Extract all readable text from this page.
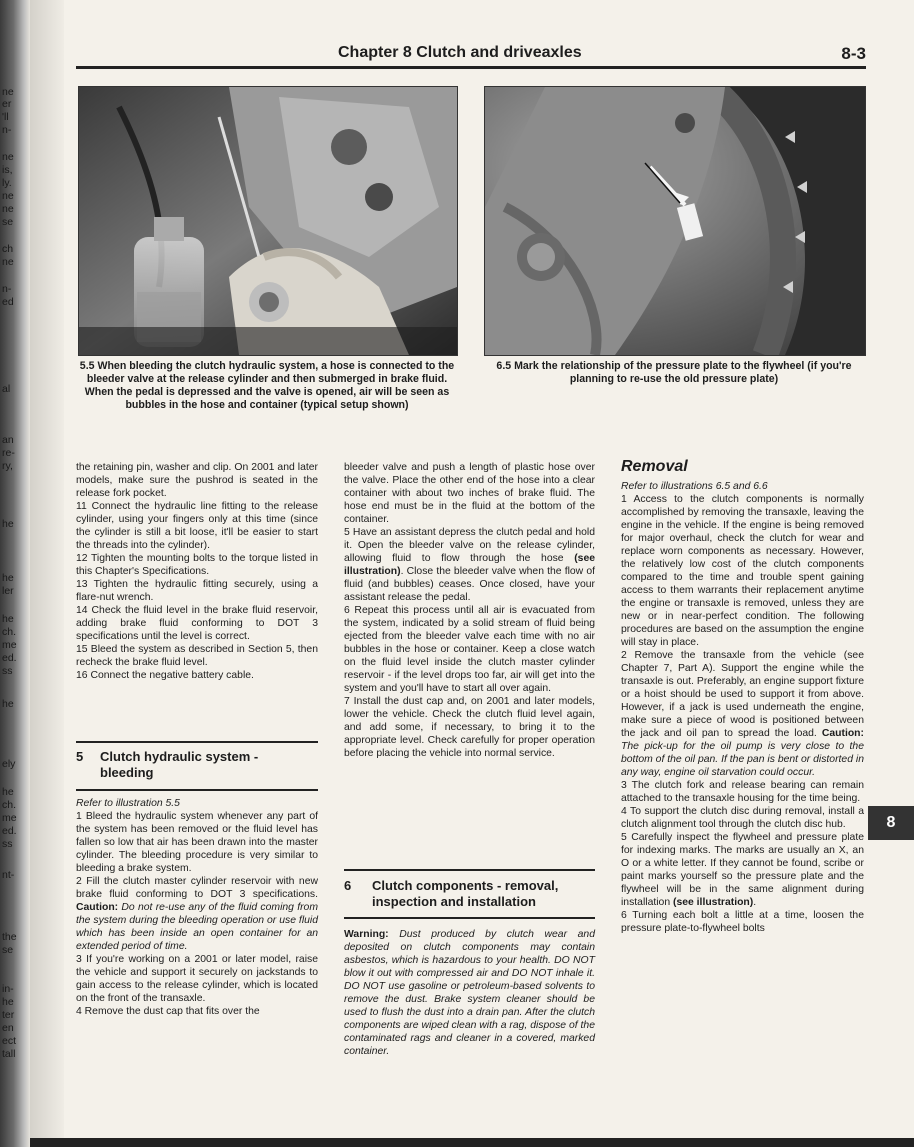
ne
er
'll
n-
ne
is,
ly.
ne
ne
se
ch
ne
n-
ed
al
an
re-
ry,
he
he
ler
he
ch.
me
ed.
ss
he
ely
he
ch.
me
ed.
ss
nt-
the
se
in-
he
ter
en
ect
tall
Chapter 8 Clutch and driveaxles	8-3
5.5 When bleeding the clutch hydraulic system, a hose is connected to the bleeder valve at the release cylinder and then submerged in brake fluid. When the pedal is depressed and the valve is opened, air will be seen as bubbles in the hose and container (typical setup shown)
6.5 Mark the relationship of the pressure plate to the flywheel (if you're planning to re-use the old pressure plate)

the retaining pin, washer and clip. On 2001 and later models, make sure the pushrod is seated in the release fork pocket.

11 Connect the hydraulic line fitting to the release cylinder, using your fingers only at this time (since the cylinder is still a bit loose, it'll be easier to start the threads into the cylinder).

12 Tighten the mounting bolts to the torque listed in this Chapter's Specifications.

13 Tighten the hydraulic fitting securely, using a flare-nut wrench.

14 Check the fluid level in the brake fluid reservoir, adding brake fluid conforming to DOT 3 specifications until the level is correct.

15 Bleed the system as described in Section 5, then recheck the brake fluid level.

16 Connect the negative battery cable.

5 Clutch hydraulic system - bleeding

Refer to illustration 5.5

1 Bleed the hydraulic system whenever any part of the system has been removed or the fluid level has fallen so low that air has been drawn into the master cylinder. The bleeding procedure is very similar to bleeding a brake system.

2 Fill the clutch master cylinder reservoir with new brake fluid conforming to DOT 3 specifications. Caution: Do not re-use any of the fluid coming from the system during the bleeding operation or use fluid which has been inside an open container for an extended period of time.

3 If you're working on a 2001 or later model, raise the vehicle and support it securely on jackstands to gain access to the release cylinder, which is located on the front of the transaxle.

4 Remove the dust cap that fits over the

bleeder valve and push a length of plastic hose over the valve. Place the other end of the hose into a clear container with about two inches of brake fluid. The hose end must be in the fluid at the bottom of the container.

5 Have an assistant depress the clutch pedal and hold it. Open the bleeder valve on the release cylinder, allowing fluid to flow through the hose (see illustration). Close the bleeder valve when the flow of fluid (and bubbles) ceases. Once closed, have your assistant release the pedal.

6 Repeat this process until all air is evacuated from the system, indicated by a solid stream of fluid being ejected from the bleeder valve each time with no air bubbles in the hose or container. Keep a close watch on the fluid level inside the clutch master cylinder reservoir - if the level drops too far, air will get into the system and you'll have to start all over again.

7 Install the dust cap and, on 2001 and later models, lower the vehicle. Check the clutch fluid level again, and add some, if necessary, to bring it to the appropriate level. Check carefully for proper operation before placing the vehicle into normal service.

6 Clutch components - removal, inspection and installation

Warning: Dust produced by clutch wear and deposited on clutch components may contain asbestos, which is hazardous to your health. DO NOT blow it out with compressed air and DO NOT inhale it. DO NOT use gasoline or petroleum-based solvents to remove the dust. Brake system cleaner should be used to flush the dust into a drain pan. After the clutch components are wiped clean with a rag, dispose of the contaminated rags and cleaner in a covered, marked container.

Removal

Refer to illustrations 6.5 and 6.6

1 Access to the clutch components is normally accomplished by removing the transaxle, leaving the engine in the vehicle. If the engine is being removed for major overhaul, check the clutch for wear and replace worn components as necessary. However, the relatively low cost of the clutch components compared to the time and trouble spent gaining access to them warrants their replacement anytime the engine or transaxle is removed, unless they are new or in near-perfect condition. The following procedures are based on the assumption the engine will stay in place.

2 Remove the transaxle from the vehicle (see Chapter 7, Part A). Support the engine while the transaxle is out. Preferably, an engine support fixture or a hoist should be used to support it from above. However, if a jack is used underneath the engine, make sure a piece of wood is positioned between the jack and oil pan to spread the load. Caution: The pick-up for the oil pump is very close to the bottom of the oil pan. If the pan is bent or distorted in any way, engine oil starvation could occur.

3 The clutch fork and release bearing can remain attached to the transaxle housing for the time being.

4 To support the clutch disc during removal, install a clutch alignment tool through the clutch disc hub.

5 Carefully inspect the flywheel and pressure plate for indexing marks. The marks are usually an X, an O or a white letter. If they cannot be found, scribe or paint marks yourself so the pressure plate and the flywheel will be in the same alignment during installation (see illustration).

6 Turning each bolt a little at a time, loosen the pressure plate-to-flywheel bolts

8
